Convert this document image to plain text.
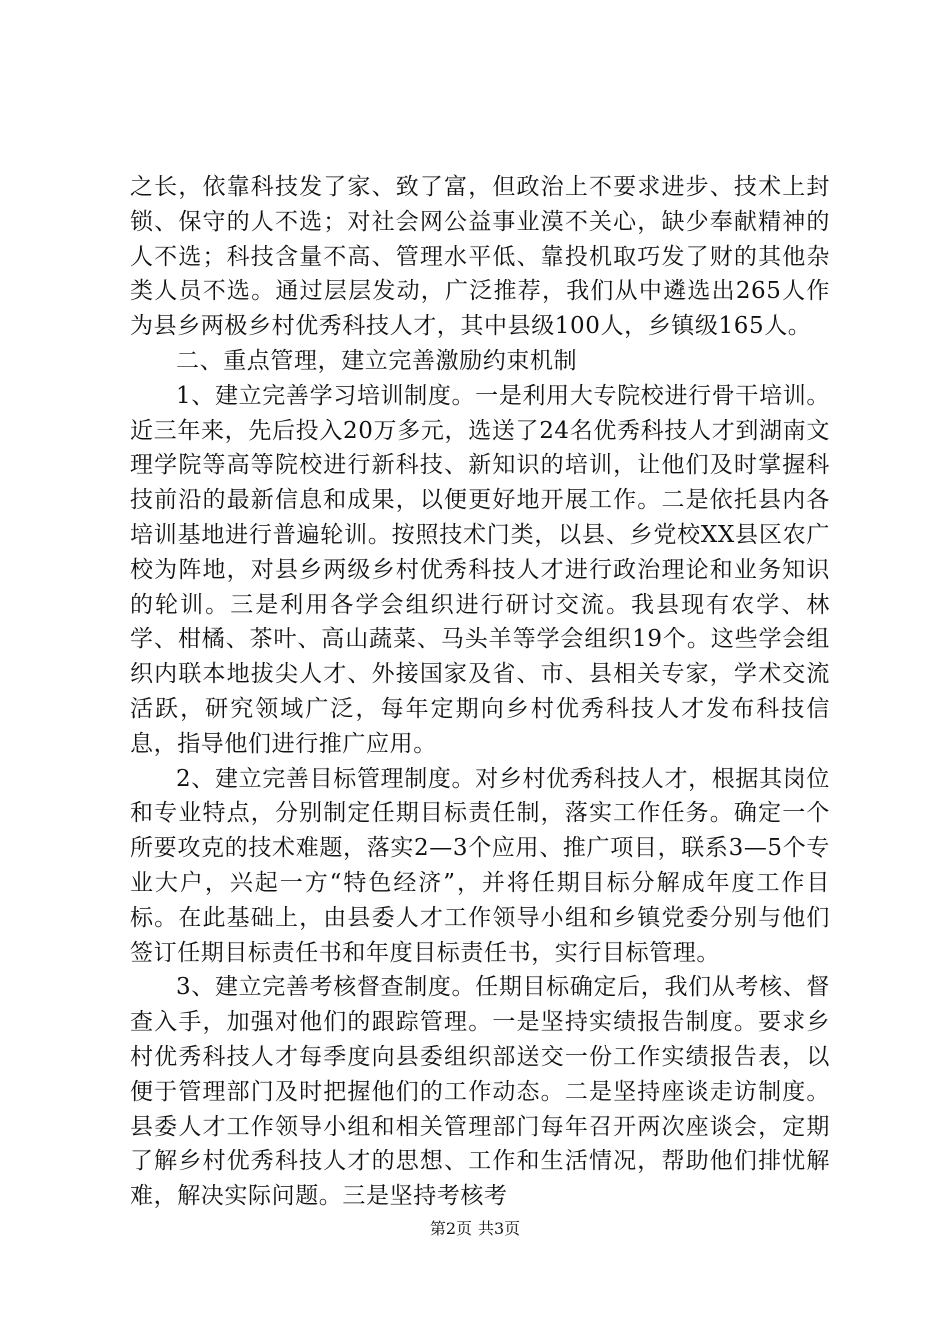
之长，依靠科技发了家、致了富，但政治上不要求进步、技术上封锁、保守的人不选；对社会网公益事业漠不关心，缺少奉献精神的人不选；科技含量不高、管理水平低、靠投机取巧发了财的其他杂类人员不选。通过层层发动，广泛推荐，我们从中遴选出265人作为县乡两极乡村优秀科技人才，其中县级100人，乡镇级165人。

二、重点管理，建立完善激励约束机制

1、建立完善学习培训制度。一是利用大专院校进行骨干培训。近三年来，先后投入20万多元，选送了24名优秀科技人才到湖南文理学院等高等院校进行新科技、新知识的培训，让他们及时掌握科技前沿的最新信息和成果，以便更好地开展工作。二是依托县内各培训基地进行普遍轮训。按照技术门类，以县、乡党校XX县区农广校为阵地，对县乡两级乡村优秀科技人才进行政治理论和业务知识的轮训。三是利用各学会组织进行研讨交流。我县现有农学、林学、柑橘、茶叶、高山蔬菜、马头羊等学会组织19个。这些学会组织内联本地拔尖人才、外接国家及省、市、县相关专家，学术交流活跃，研究领域广泛，每年定期向乡村优秀科技人才发布科技信息，指导他们进行推广应用。

2、建立完善目标管理制度。对乡村优秀科技人才，根据其岗位和专业特点，分别制定任期目标责任制，落实工作任务。确定一个所要攻克的技术难题，落实2—3个应用、推广项目，联系3—5个专业大户，兴起一方“特色经济”，并将任期目标分解成年度工作目标。在此基础上，由县委人才工作领导小组和乡镇党委分别与他们签订任期目标责任书和年度目标责任书，实行目标管理。

3、建立完善考核督查制度。任期目标确定后，我们从考核、督查入手，加强对他们的跟踪管理。一是坚持实绩报告制度。要求乡村优秀科技人才每季度向县委组织部送交一份工作实绩报告表，以便于管理部门及时把握他们的工作动态。二是坚持座谈走访制度。县委人才工作领导小组和相关管理部门每年召开两次座谈会，定期了解乡村优秀科技人才的思想、工作和生活情况，帮助他们排忧解难，解决实际问题。三是坚持考核考

第2页 共3页
